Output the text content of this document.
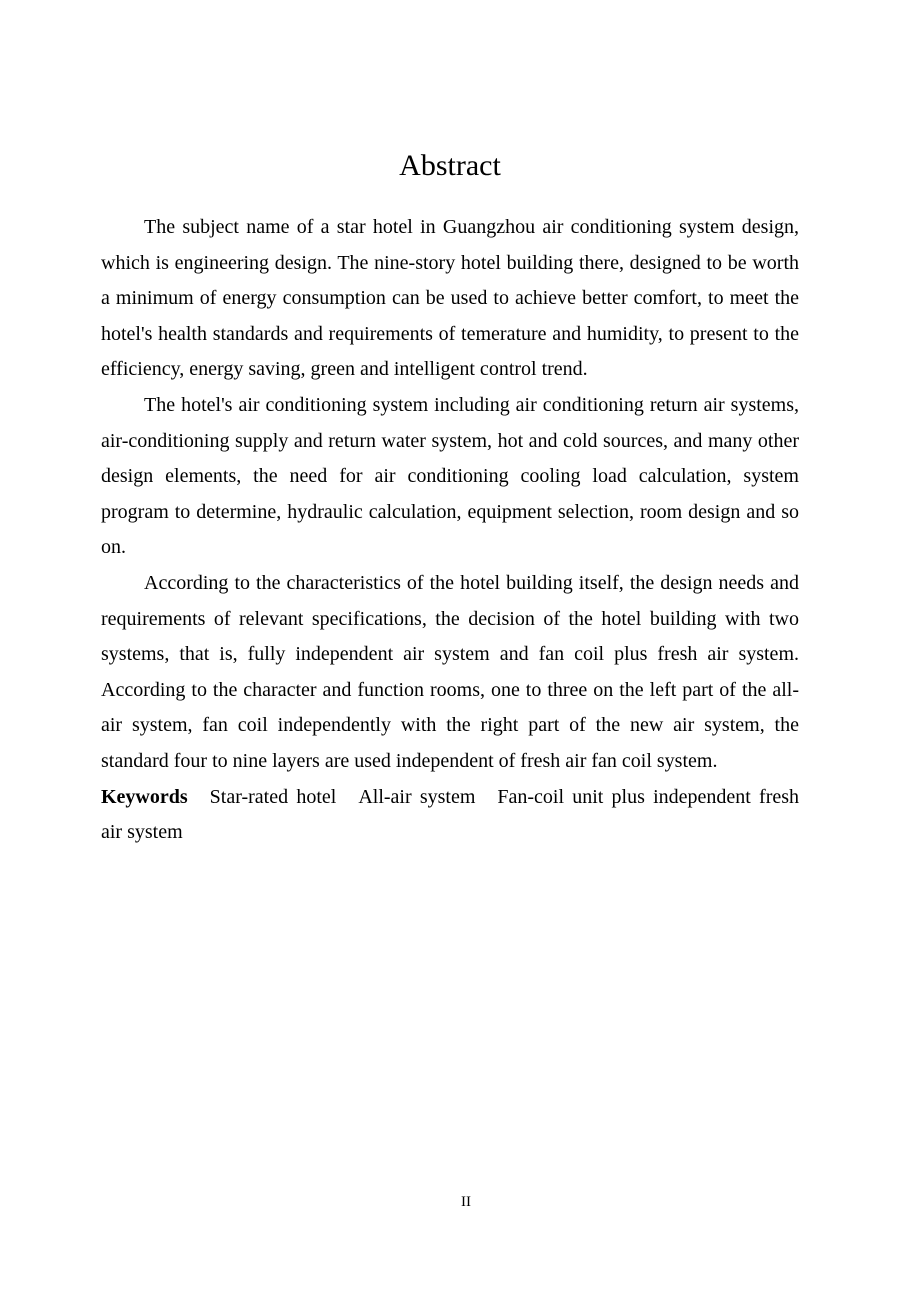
Abstract

The subject name of a star hotel in Guangzhou air conditioning system design, which is engineering design. The nine-story hotel building there, designed to be worth a minimum of energy consumption can be used to achieve better comfort, to meet the hotel's health standards and requirements of temerature and humidity, to present to the efficiency, energy saving, green and intelligent control trend.

The hotel's air conditioning system including air conditioning return air systems, air-conditioning supply and return water system, hot and cold sources, and many other design elements, the need for air conditioning cooling load calculation, system program to determine, hydraulic calculation, equipment selection, room design and so on.

According to the characteristics of the hotel building itself, the design needs and requirements of relevant specifications, the decision of the hotel building with two systems, that is, fully independent air system and fan coil plus fresh air system. According to the character and function rooms, one to three on the left part of the all-air system, fan coil independently with the right part of the new air system, the standard four to nine layers are used independent of fresh air fan coil system.

Keywords Star-rated hotel All-air system Fan-coil unit plus independent fresh air system

II
